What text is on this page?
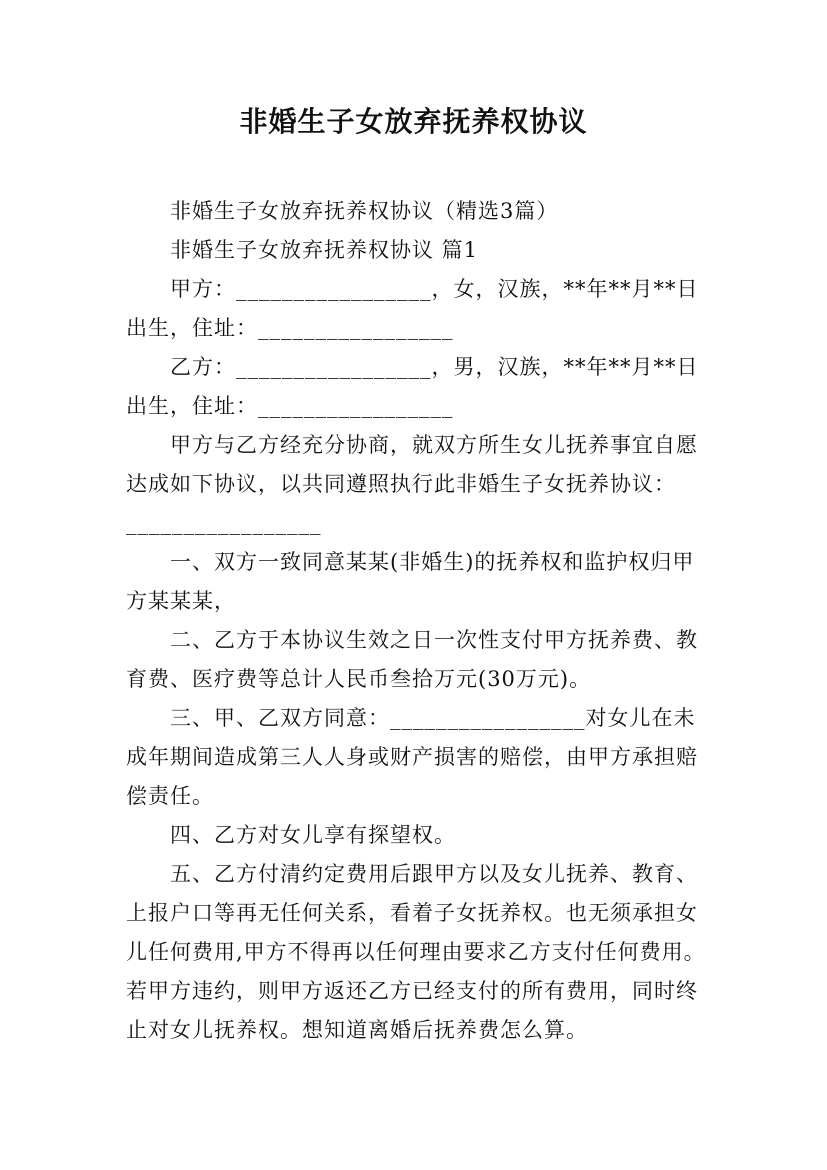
非婚生子女放弃抚养权协议
非婚生子女放弃抚养权协议（精选3篇）
非婚生子女放弃抚养权协议 篇1
甲方：_________________，女，汉族，**年**月**日
出生，住址：_________________
乙方：_________________，男，汉族，**年**月**日
出生，住址：_________________
甲方与乙方经充分协商，就双方所生女儿抚养事宜自愿
达成如下协议，以共同遵照执行此非婚生子女抚养协议：
_________________
一、双方一致同意某某(非婚生)的抚养权和监护权归甲
方某某某，
二、乙方于本协议生效之日一次性支付甲方抚养费、教
育费、医疗费等总计人民币叁拾万元(30万元)。
三、甲、乙双方同意：_________________对女儿在未
成年期间造成第三人人身或财产损害的赔偿，由甲方承担赔
偿责任。
四、乙方对女儿享有探望权。
五、乙方付清约定费用后跟甲方以及女儿抚养、教育、
上报户口等再无任何关系，看着子女抚养权。也无须承担女
儿任何费用,甲方不得再以任何理由要求乙方支付任何费用。
若甲方违约，则甲方返还乙方已经支付的所有费用，同时终
止对女儿抚养权。想知道离婚后抚养费怎么算。
